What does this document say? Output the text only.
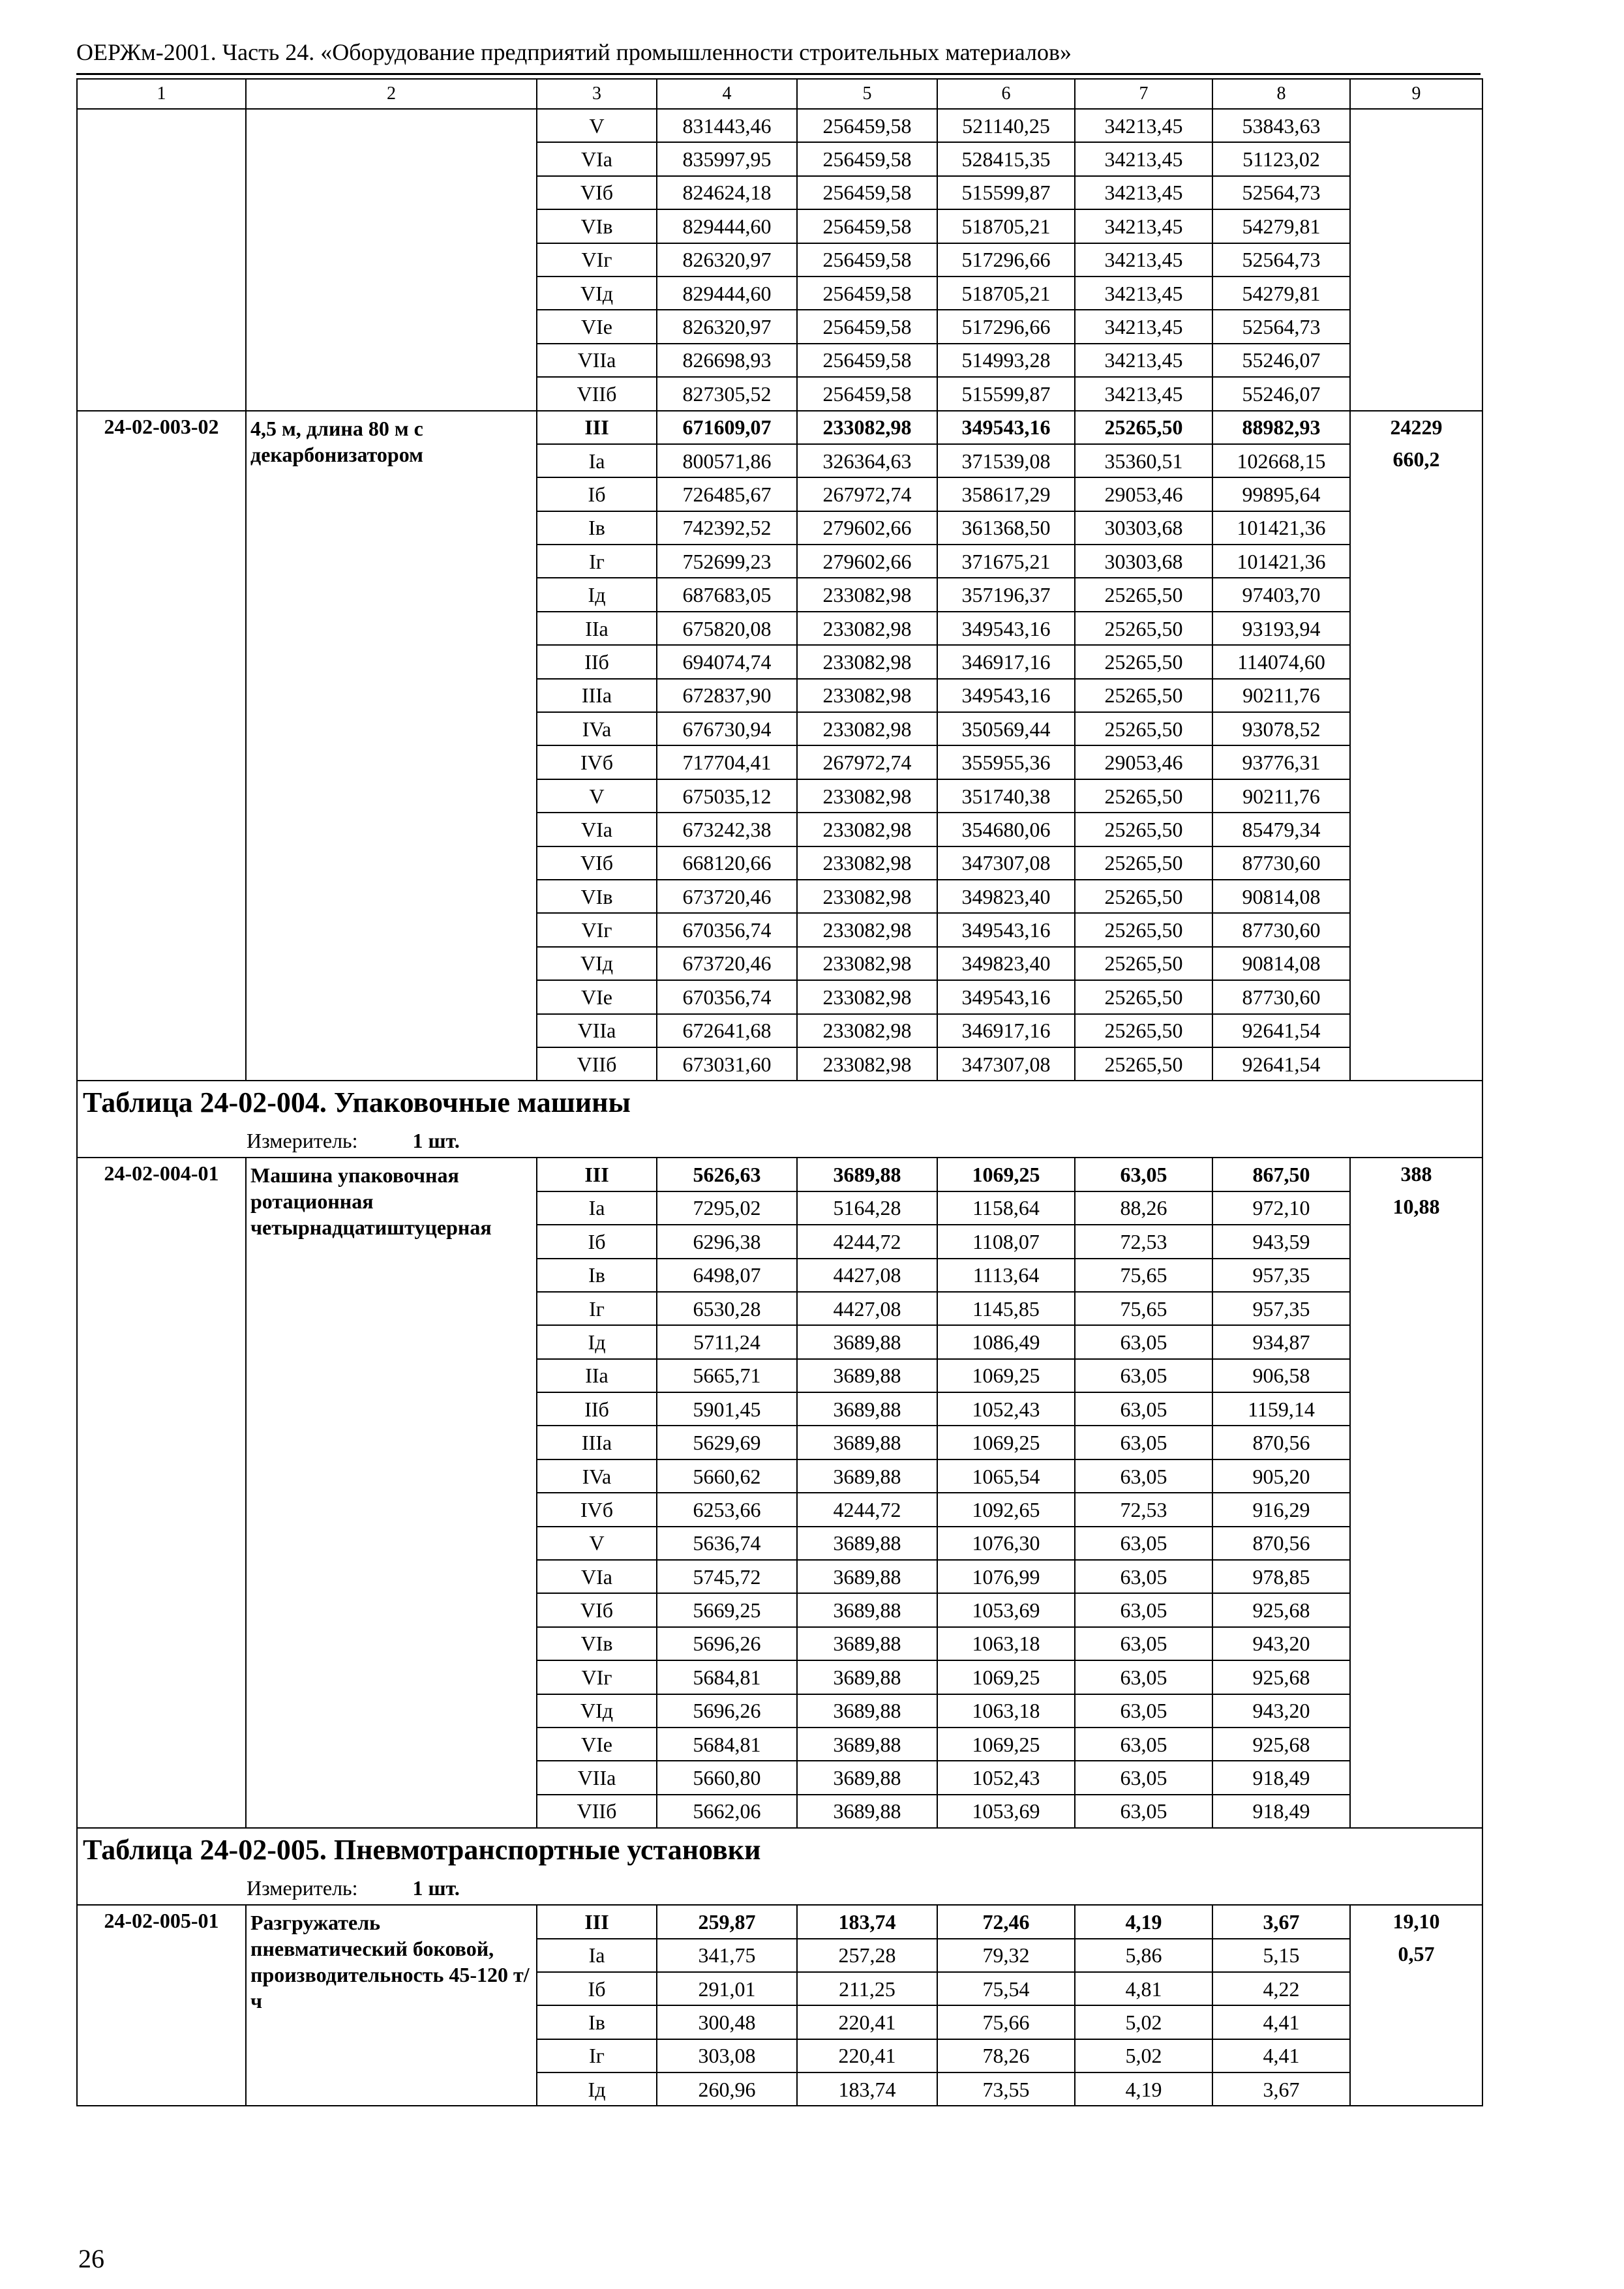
ОЕРЖм-2001. Часть 24. «Оборудование предприятий промышленности строительных материалов»
1	2	3	4	5	6	7	8	9
		V	831443,46	256459,58	521140,25	34213,45	53843,63	
		VIa	835997,95	256459,58	528415,35	34213,45	51123,02	
		VIб	824624,18	256459,58	515599,87	34213,45	52564,73	
		VIв	829444,60	256459,58	518705,21	34213,45	54279,81	
		VIг	826320,97	256459,58	517296,66	34213,45	52564,73	
		VIд	829444,60	256459,58	518705,21	34213,45	54279,81	
		VIе	826320,97	256459,58	517296,66	34213,45	52564,73	
		VIIa	826698,93	256459,58	514993,28	34213,45	55246,07	
		VIIб	827305,52	256459,58	515599,87	34213,45	55246,07	
24-02-003-02	4,5 м, длина 80 м с декарбонизатором	III	671609,07	233082,98	349543,16	25265,50	88982,93	24229
660,2

		Ia	800571,86	326364,63	371539,08	35360,51	102668,15	
		Iб	726485,67	267972,74	358617,29	29053,46	99895,64	
		Iв	742392,52	279602,66	361368,50	30303,68	101421,36	
		Iг	752699,23	279602,66	371675,21	30303,68	101421,36	
		Iд	687683,05	233082,98	357196,37	25265,50	97403,70	
		IIa	675820,08	233082,98	349543,16	25265,50	93193,94	
		IIб	694074,74	233082,98	346917,16	25265,50	114074,60	
		IIIa	672837,90	233082,98	349543,16	25265,50	90211,76	
		IVa	676730,94	233082,98	350569,44	25265,50	93078,52	
		IVб	717704,41	267972,74	355955,36	29053,46	93776,31	
		V	675035,12	233082,98	351740,38	25265,50	90211,76	
		VIa	673242,38	233082,98	354680,06	25265,50	85479,34	
		VIб	668120,66	233082,98	347307,08	25265,50	87730,60	
		VIв	673720,46	233082,98	349823,40	25265,50	90814,08	
		VIг	670356,74	233082,98	349543,16	25265,50	87730,60	
		VIд	673720,46	233082,98	349823,40	25265,50	90814,08	
		VIе	670356,74	233082,98	349543,16	25265,50	87730,60	
		VIIa	672641,68	233082,98	346917,16	25265,50	92641,54	
		VIIб	673031,60	233082,98	347307,08	25265,50	92641,54	
Таблица 24-02-004. Упаковочные машины								
Измеритель: 1 шт.								
24-02-004-01	Машина упаковочная ротационная четырнадцатиштуцерная	III	5626,63	3689,88	1069,25	63,05	867,50	388
10,88

		Ia	7295,02	5164,28	1158,64	88,26	972,10	
		Iб	6296,38	4244,72	1108,07	72,53	943,59	
		Iв	6498,07	4427,08	1113,64	75,65	957,35	
		Iг	6530,28	4427,08	1145,85	75,65	957,35	
		Iд	5711,24	3689,88	1086,49	63,05	934,87	
		IIa	5665,71	3689,88	1069,25	63,05	906,58	
		IIб	5901,45	3689,88	1052,43	63,05	1159,14	
		IIIa	5629,69	3689,88	1069,25	63,05	870,56	
		IVa	5660,62	3689,88	1065,54	63,05	905,20	
		IVб	6253,66	4244,72	1092,65	72,53	916,29	
		V	5636,74	3689,88	1076,30	63,05	870,56	
		VIa	5745,72	3689,88	1076,99	63,05	978,85	
		VIб	5669,25	3689,88	1053,69	63,05	925,68	
		VIв	5696,26	3689,88	1063,18	63,05	943,20	
		VIг	5684,81	3689,88	1069,25	63,05	925,68	
		VIд	5696,26	3689,88	1063,18	63,05	943,20	
		VIе	5684,81	3689,88	1069,25	63,05	925,68	
		VIIa	5660,80	3689,88	1052,43	63,05	918,49	
		VIIб	5662,06	3689,88	1053,69	63,05	918,49	
Таблица 24-02-005. Пневмотранспортные установки								
Измеритель: 1 шт.								
24-02-005-01	Разгружатель пневматический боковой, производительность 45-120 т/ч	III	259,87	183,74	72,46	4,19	3,67	19,10
0,57

		Ia	341,75	257,28	79,32	5,86	5,15	
		Iб	291,01	211,25	75,54	4,81	4,22	
		Iв	300,48	220,41	75,66	5,02	4,41	
		Iг	303,08	220,41	78,26	5,02	4,41	
		Iд	260,96	183,74	73,55	4,19	3,67	
26
